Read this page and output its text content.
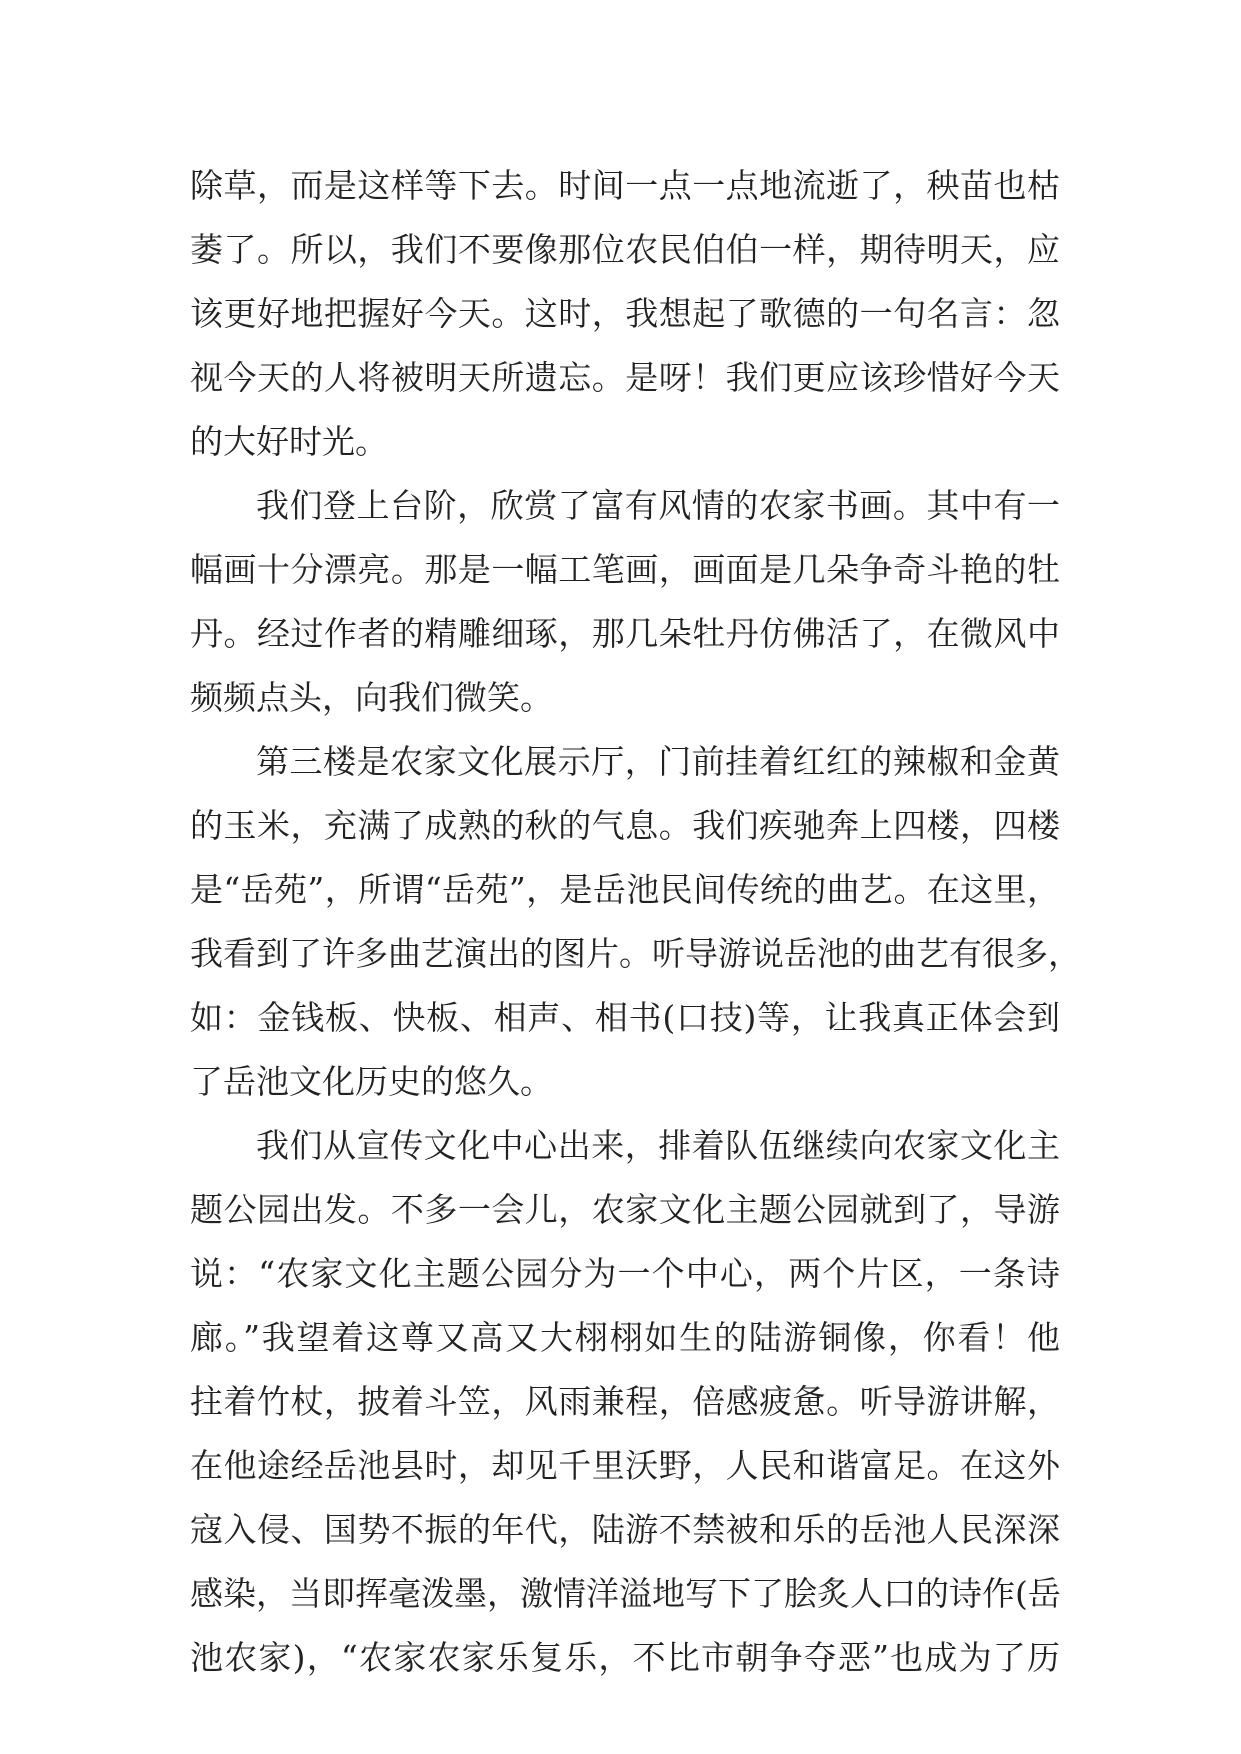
除草，而是这样等下去。时间一点一点地流逝了，秧苗也枯
萎了。所以，我们不要像那位农民伯伯一样，期待明天，应
该更好地把握好今天。这时，我想起了歌德的一句名言：忽
视今天的人将被明天所遗忘。是呀！我们更应该珍惜好今天
的大好时光。
我们登上台阶，欣赏了富有风情的农家书画。其中有一
幅画十分漂亮。那是一幅工笔画，画面是几朵争奇斗艳的牡
丹。经过作者的精雕细琢，那几朵牡丹仿佛活了，在微风中
频频点头，向我们微笑。
第三楼是农家文化展示厅，门前挂着红红的辣椒和金黄
的玉米，充满了成熟的秋的气息。我们疾驰奔上四楼，四楼
是“岳苑”，所谓“岳苑”，是岳池民间传统的曲艺。在这里，
我看到了许多曲艺演出的图片。听导游说岳池的曲艺有很多，
如：金钱板、快板、相声、相书(口技)等，让我真正体会到
了岳池文化历史的悠久。
我们从宣传文化中心出来，排着队伍继续向农家文化主
题公园出发。不多一会儿，农家文化主题公园就到了，导游
说：“农家文化主题公园分为一个中心，两个片区，一条诗
廊。”我望着这尊又高又大栩栩如生的陆游铜像，你看！他
拄着竹杖，披着斗笠，风雨兼程，倍感疲惫。听导游讲解，
在他途经岳池县时，却见千里沃野，人民和谐富足。在这外
寇入侵、国势不振的年代，陆游不禁被和乐的岳池人民深深
感染，当即挥毫泼墨，激情洋溢地写下了脍炙人口的诗作(岳
池农家)，“农家农家乐复乐，不比市朝争夺恶”也成为了历
